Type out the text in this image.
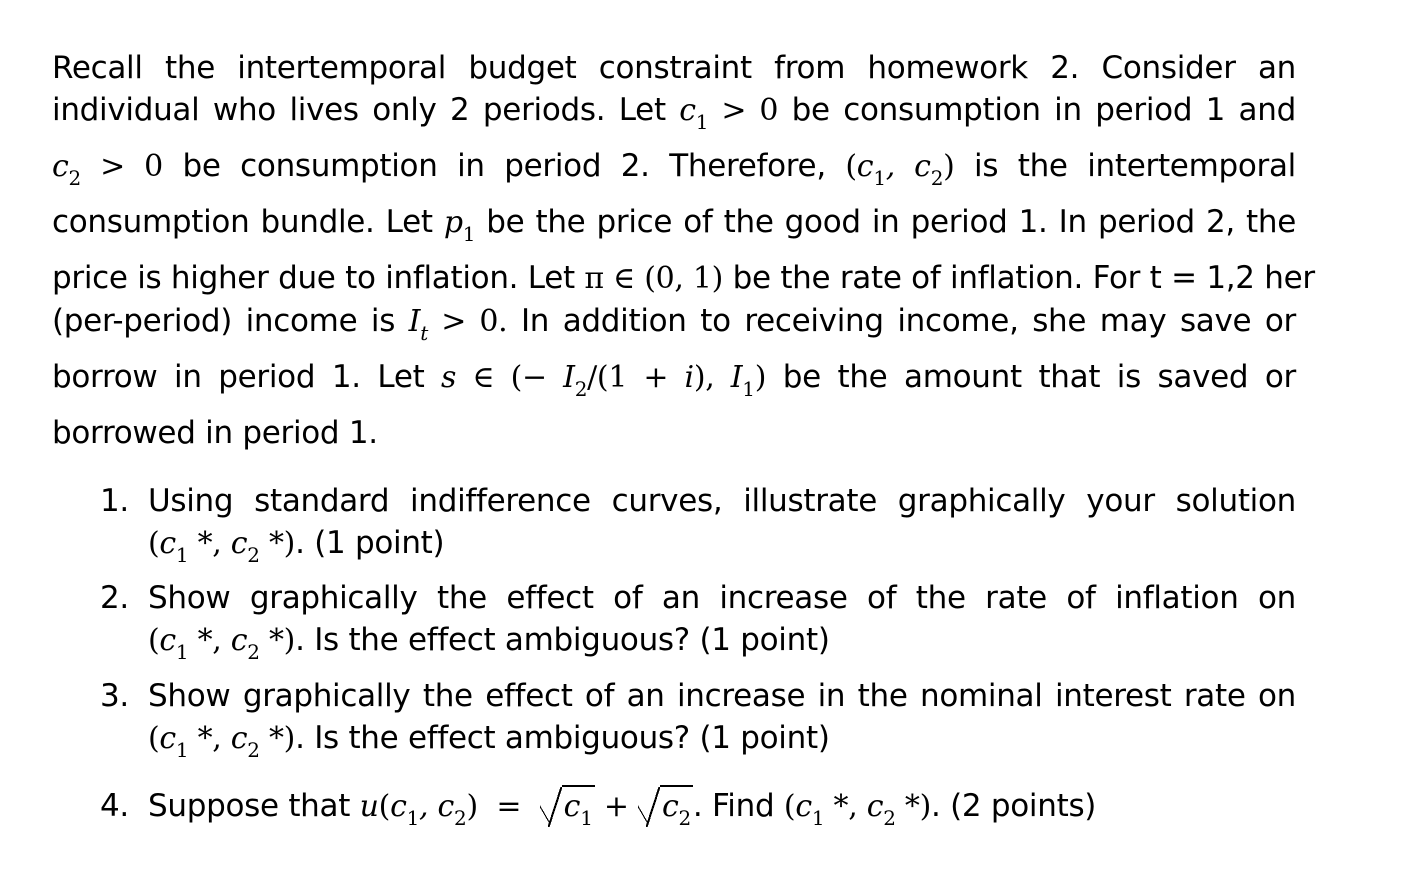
Recall the intertemporal budget constraint from homework 2. Consider an
individual who lives only 2 periods. Let $c_1 > 0$ be consumption in period 1 and
$c_2 > 0$ be consumption in period 2. Therefore, ($c_1$, $c_2$) is the intertemporal
consumption bundle. Let $p_1$ be the price of the good in period 1. In period 2, the
price is higher due to inflation. Let π ∈ (0, 1) be the rate of inflation. For t = 1,2 her
(per-period) income is $I_t > 0$. In addition to receiving income, she may save or
borrow in period 1. Let s ∈ (− $I_2/(1 + i)$, $I_1$) be the amount that is saved or
borrowed in period 1.
1. Using standard indifference curves, illustrate graphically your solution
($c_1$ *, $c_2$ *). (1 point)
2. Show graphically the effect of an increase of the rate of inflation on
($c_1$ *, $c_2$ *). Is the effect ambiguous? (1 point)
3. Show graphically the effect of an increase in the nominal interest rate on
($c_1$ *, $c_2$ *). Is the effect ambiguous? (1 point)
4. Suppose that $u(c_1$, $c_2) = c_1 + c_2$. Find ($c_1$ *, $c_2$ *). (2 points)
